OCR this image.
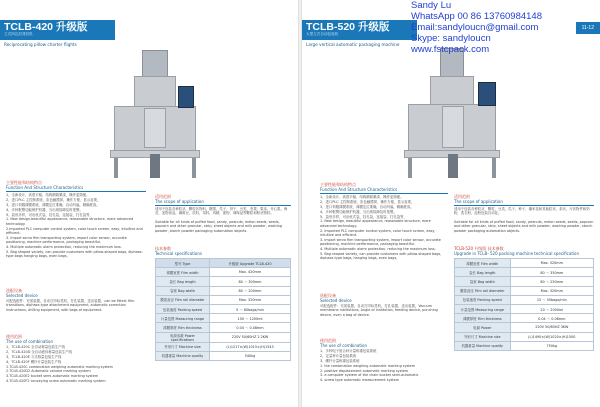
TCLB-420 升级版
立式四边封背封机
Reciprocating pillow charter flights
主要性能和结构特点
Function And Structure Characteristics

1、全新设计，高度平稳，结构精简紧凑，操作更简便。

2、进口PLC 主控制系统，彩色触摸屏，操作方便，显示直观，

3、进口伺服薄膜系统，薄膜定位准确，自动纠偏，精确度高。

4、多种报警功能保护机器，当出现故障及时报警。

5、袋形多样，可出枕式袋，挂孔袋，连接袋，打孔袋等，

1. New design,beautiful appearance, reasonable structure, more advanced technology.

2.Imported PLC computer control system, color touch screen, easy, intuitive and efficient.

3. Import servo film transporting system, import color sensor, accurate positioning, machine performance, packaging beautiful.

4. Multiple automatic alarm protection, reducing the maximum loss.

5. Bag shaped variety, can provide customers with pillow-shaped bags, diphase-type bags hanging bags, even bags,

选配设备
Selected device
可配选配件：充氮装置，自动打印标签机，打孔装置，送出装置，can be fitted: film transitions, diphase-type attachment equipment, automatic correction instructions, drilling equipment, with bags of equipment.
使用范围
The use of combination

1、TCLB-420C 全自动称量包装生产线

2、TCLB-420D 全自动液体称量包装生产线

3、TCLB-420E 斗式称量包装生产线

4、TCLB-420F 螺杆计量包装生产线

1.TCLB-420C combination weighing automatic marking system

2.TCLB-420D2 Automatic volume marking system

3.TCLB-420E2 bucket semi-automatic marking system

4.TCLB-420F2 conveying screw automatic marking system

适用范围
The scope of application
适用于包装各种粒状，颗粒状物料，糖果，瓜子，饼干，豆类，坚果，果冻，开心果，海苔，宠物食品，咖啡豆，饮料，饲料，鸡精，面粉，调味品等颗粒和粉状物料。
Suitable for all kinds of puffed food, candy, peanuts, melon seeds, seeds, popcorn and other granular, strip, sheet objects and milk powder, washing powder, starch powder packaging automation objects
技术参数
Technical specifications
型号 Type	升级版 Upgrade TCLB-420
薄膜宽度 Film width	Max. 420mm
袋长 Bag length	80 ～ 300mm
袋宽 Bag width	80 ～ 200mm
膜卷直径 Film roll diameter	Max. 320mm
包装速度 Packing speed	5 ～ 60bags/min
计量范围 Measuring range	150 ～ 1200ml
薄膜厚度 Film thickness	0.04 ～ 0.08mm
电源参数 Power specifications	220V 50/60HZ 2.2KW
外形尺寸 Machine size	(L)1217×(W)1015×(H)1343
机器重量 Machine quality	540kg
TCLB-520 升级版
大型立式自动包装机
Large vertical automatic packaging machine
11-12
主要性能和结构特点
Function And Structure Characteristics

1、全新设计，高度平稳，结构精简紧凑，操作更简便。

2、进口PLC 主控制系统，彩色触摸屏，操作方便，显示直观，

3、进口伺服薄膜系统，薄膜定位准确，自动纠偏，精确度高。

4、多种报警功能保护机器，当出现故障及时报警。

5、袋形多样，可出枕式袋，挂孔袋，连接袋，打孔袋等，

1. New design, beautiful appearance, reasonable structure, more advanced technology.

2. Imported PLC computer control system, color touch screen, easy, intuitive and efficient.

3. Import servo film transporting system, import color sensor, accurate positioning, machine performance, packaging beautiful.

4. Multiple automatic alarm protection, reducing the maximum loss.

5. Bag shaped variety, can provide customers with pillow-shaped bags, diphase-type bags, hanging bags, even bags,

选配设备
Selected device
可配选配件：充氮装置，自动打印标签机，打孔装置，送出装置，Vacuum membrane institutions, Angle of institution, feeding device, punching device, even a bag of device.
使用范围
The use of combination

1、多种电子组合秤计量称重包装系统

2、定量杯计量包装系统

3、螺杆计量称重包装系统

1. the combination weighing automatic marking system

2. positive displacement automatic marking system

3. a computer system of the chain bucket semi-automatic

4. screw type automatic measurement system

适用范围
The scope of application
适用于包装各种粒状，颗粒，豆类，瓜子，种子，爆米花和其他粒状，条状，片状物件和奶粉，洗衣粉，淀粉包装自动化。
Suitable for all kinds of puffed food, candy, peanuts, melon seeds, seeds, popcorn and other granular, strip, sheet objects and milk powder, washing powder, starch powder packaging automation objects.
TCLB-520 升级版 技术参数
Upgrade in TCLB- 520 packing machine technical specification
薄膜宽度 Film width	Max. 520mm
袋长 Bag length	80 ～ 350mm
袋宽 Bag width	80 ～ 250mm
膜卷直径 Film roll diameter	Max. 320mm
包装速度 Packing speed	15 ～ 50bags/min
计量范围 Measuring range	20 ～ 2000ml
薄膜厚度 Film thickness	0.04 ～ 0.08mm
电源 Power	220V 50/60HZ 3KW
外形尺寸 Machine size	(L)1490×(W)1020×(H)1500
机器重量 Machine quality	750kg
Sandy Lu
WhatsApp 00 86 13760984148
Email:sandyloucn@gmail.com
Skype: sandyloucn
www.fstcpack.com
